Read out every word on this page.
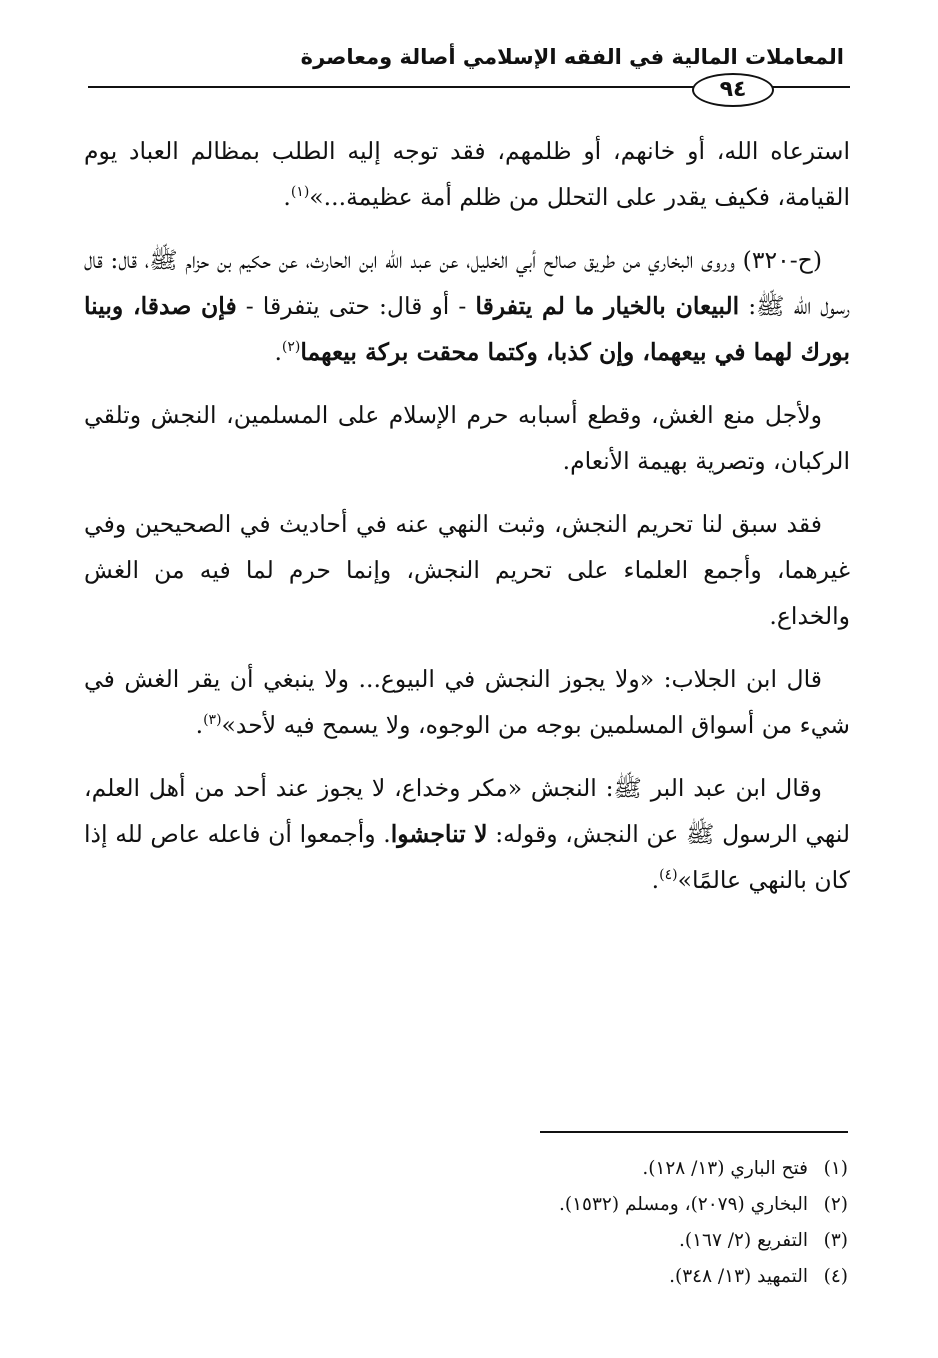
المعاملات المالية في الفقه الإسلامي أصالة ومعاصرة
٩٤

استرعاه الله، أو خانهم، أو ظلمهم، فقد توجه إليه الطلب بمظالم العباد يوم القيامة، فكيف يقدر على التحلل من ظلم أمة عظيمة...»$^{(١)}$.

(ح-٣٢٠) وروى البخاري من طريق صالح أبي الخليل، عن عبد الله ابن الحارث، عن حكيم بن حزام ﷺ، قال: قال رسول الله ﷺ: البيعان بالخيار ما لم يتفرقا - أو قال: حتى يتفرقا - فإن صدقا، وبينا بورك لهما في بيعهما، وإن كذبا، وكتما محقت بركة بيعهما$^{(٢)}$.

ولأجل منع الغش، وقطع أسبابه حرم الإسلام على المسلمين، النجش وتلقي الركبان، وتصرية بهيمة الأنعام.

فقد سبق لنا تحريم النجش، وثبت النهي عنه في أحاديث في الصحيحين وفي غيرهما، وأجمع العلماء على تحريم النجش، وإنما حرم لما فيه من الغش والخداع.

قال ابن الجلاب: «ولا يجوز النجش في البيوع... ولا ينبغي أن يقر الغش في شيء من أسواق المسلمين بوجه من الوجوه، ولا يسمح فيه لأحد»$^{(٣)}$.

وقال ابن عبد البر ﷺ: النجش «مكر وخداع، لا يجوز عند أحد من أهل العلم، لنهي الرسول ﷺ عن النجش، وقوله: لا تناجشوا. وأجمعوا أن فاعله عاص لله إذا كان بالنهي عالمًا»$^{(٤)}$.

(١)فتح الباري (١٣/ ١٢٨).
(٢)البخاري (٢٠٧٩)، ومسلم (١٥٣٢).
(٣)التفريع (٢/ ١٦٧).
(٤)التمهيد (١٣/ ٣٤٨).
